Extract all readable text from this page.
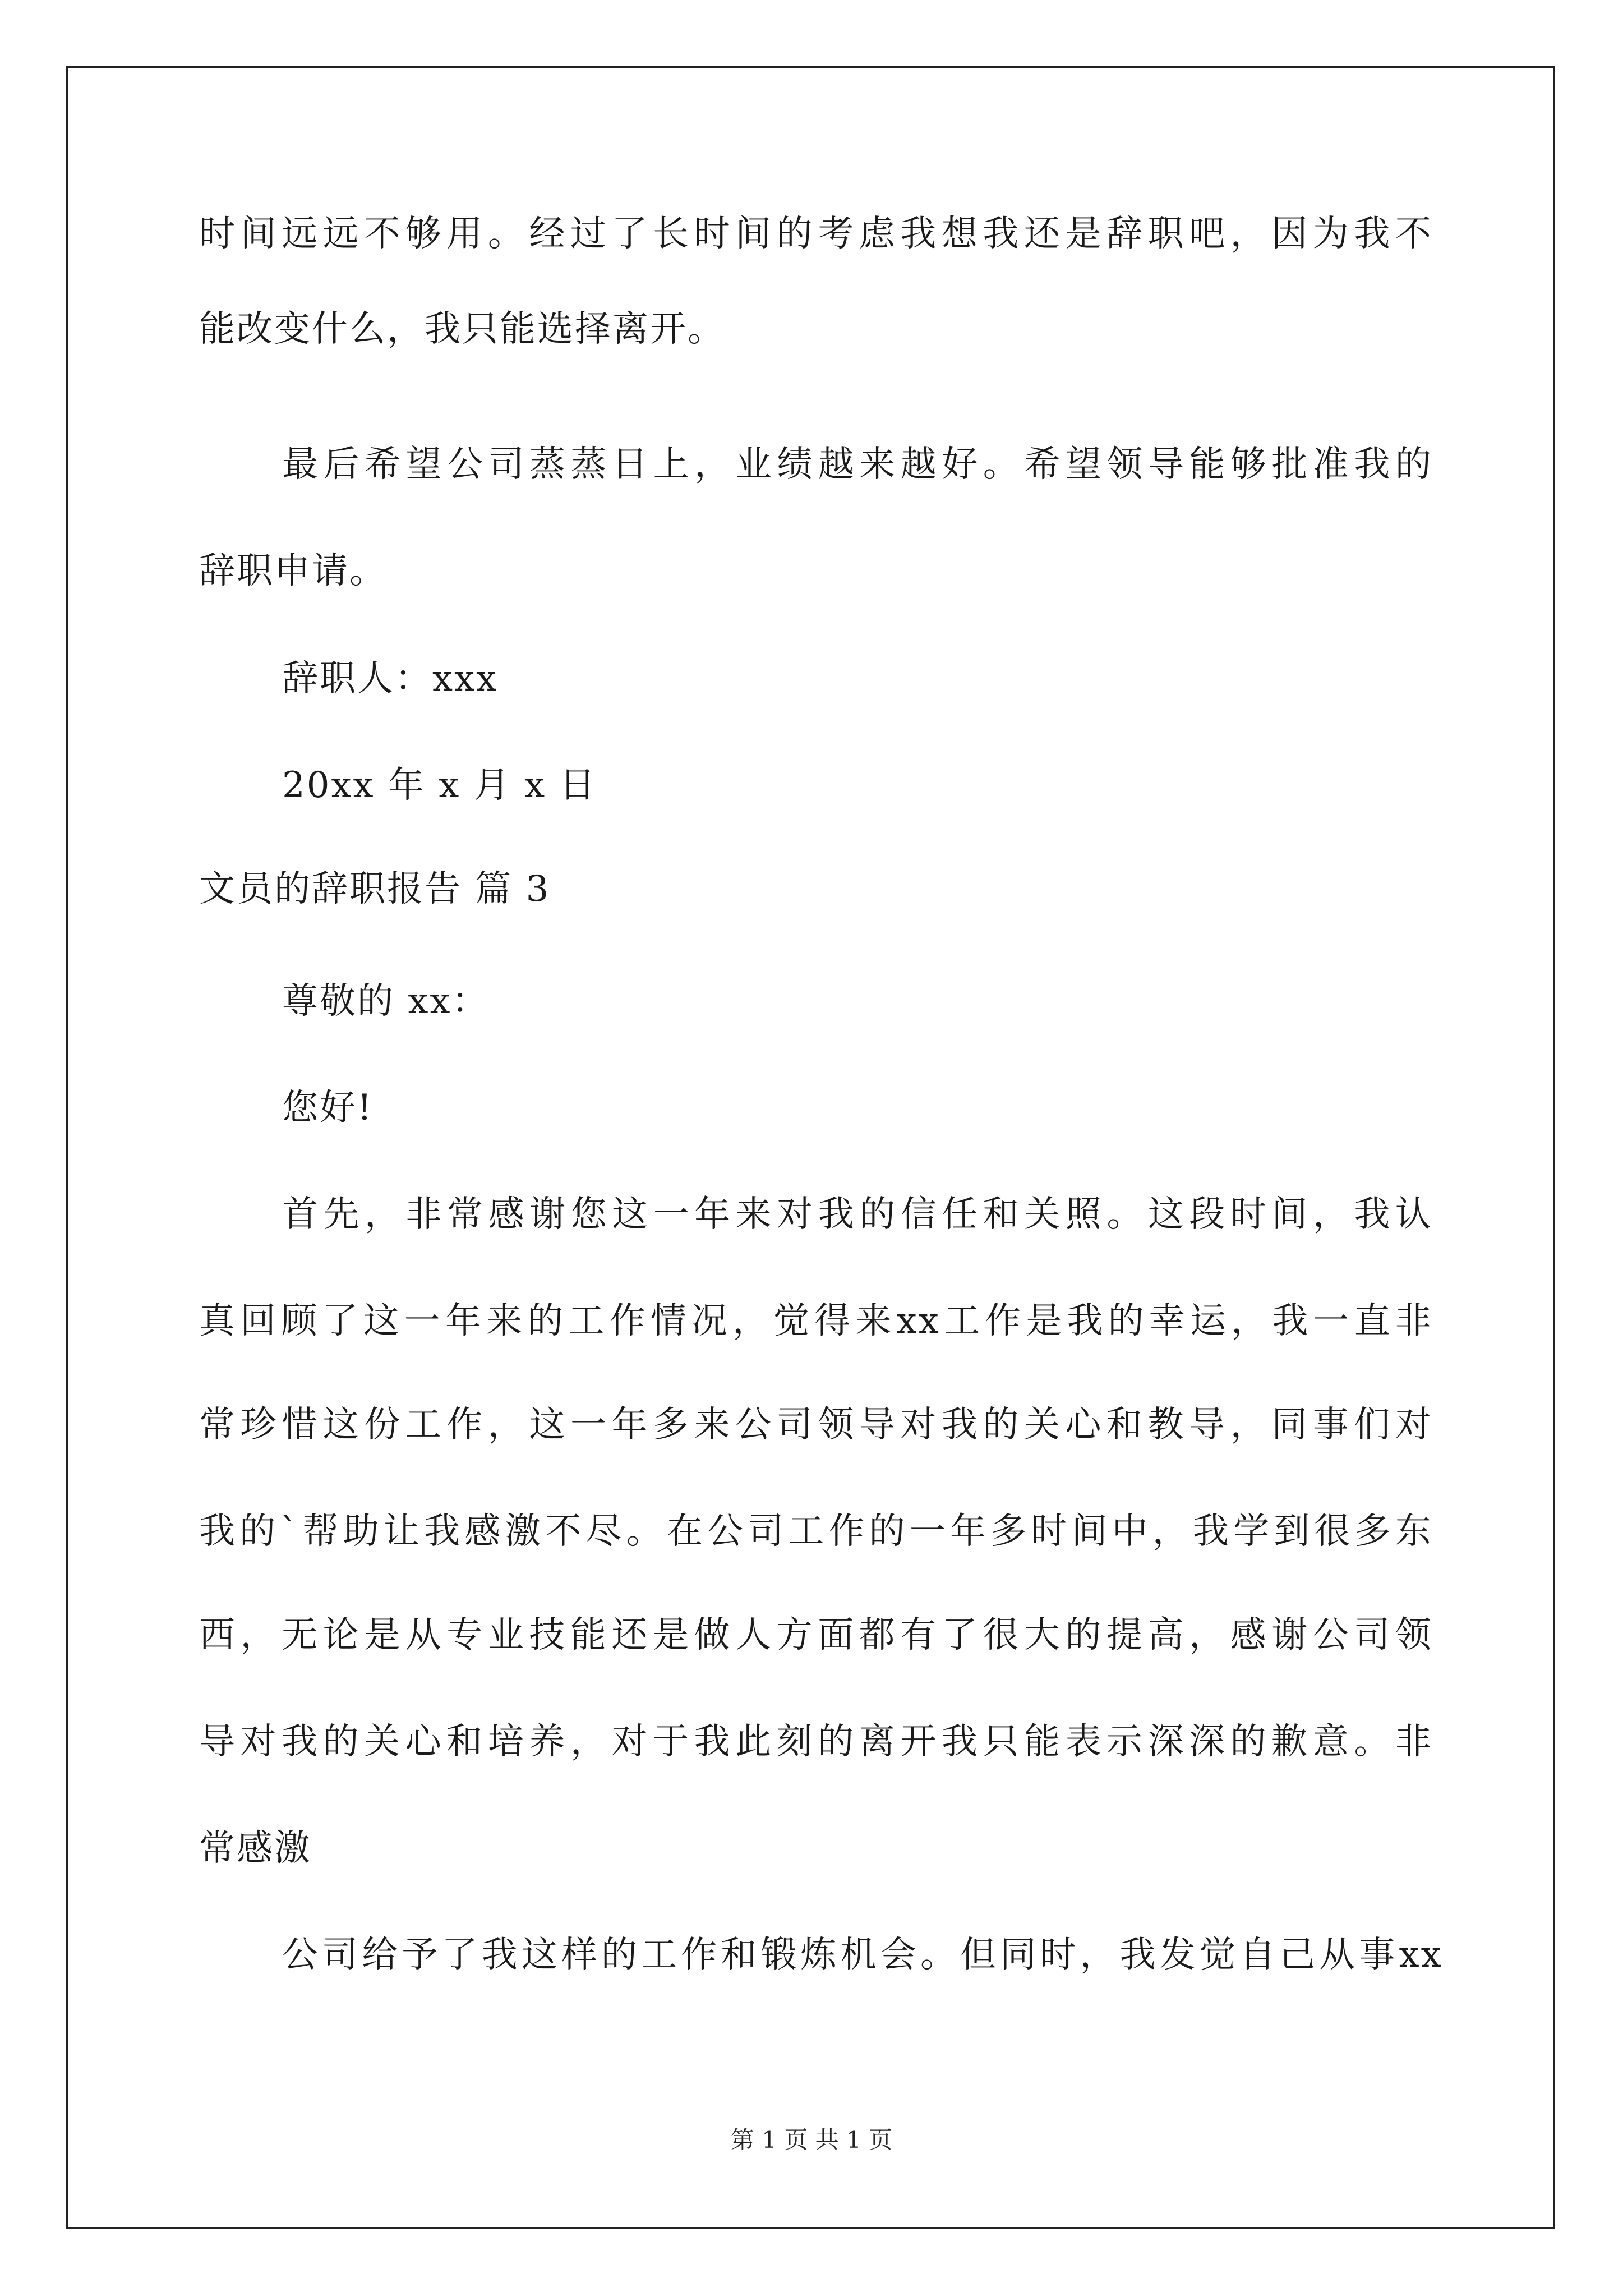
时 间 远 远 不 够 用 。 经 过 了 长 时 间 的 考 虑 我 想 我 还 是 辞 职 吧 ， 因 为 我 不

能改变什么，我只能选择离开。

最 后 希 望 公 司 蒸 蒸 日 上 ， 业 绩 越 来 越 好 。 希 望 领 导 能 够 批 准 我 的

辞职申请。

辞职人：xxx

20xx 年 x 月 x 日

文员的辞职报告 篇 3

尊敬的 xx：

您好!

首 先 ， 非 常 感 谢 您 这 一 年 来 对 我 的 信 任 和 关 照 。 这 段 时 间 ， 我 认

真 回 顾 了 这 一 年 来 的 工 作 情 况 ， 觉 得 来 xx 工 作 是 我 的 幸 运 ， 我 一 直 非

常 珍 惜 这 份 工 作 ， 这 一 年 多 来 公 司 领 导 对 我 的 关 心 和 教 导 ， 同 事 们 对

我 的 ` 帮 助 让 我 感 激 不 尽 。 在 公 司 工 作 的 一 年 多 时 间 中 ， 我 学 到 很 多 东

西 ， 无 论 是 从 专 业 技 能 还 是 做 人 方 面 都 有 了 很 大 的 提 高 ， 感 谢 公 司 领

导 对 我 的 关 心 和 培 养 ， 对 于 我 此 刻 的 离 开 我 只 能 表 示 深 深 的 歉 意 。 非

常感激

公 司 给 予 了 我 这 样 的 工 作 和 锻 炼 机 会 。 但 同 时 ， 我 发 觉 自 己 从 事 xx

第 1 页 共 1 页
